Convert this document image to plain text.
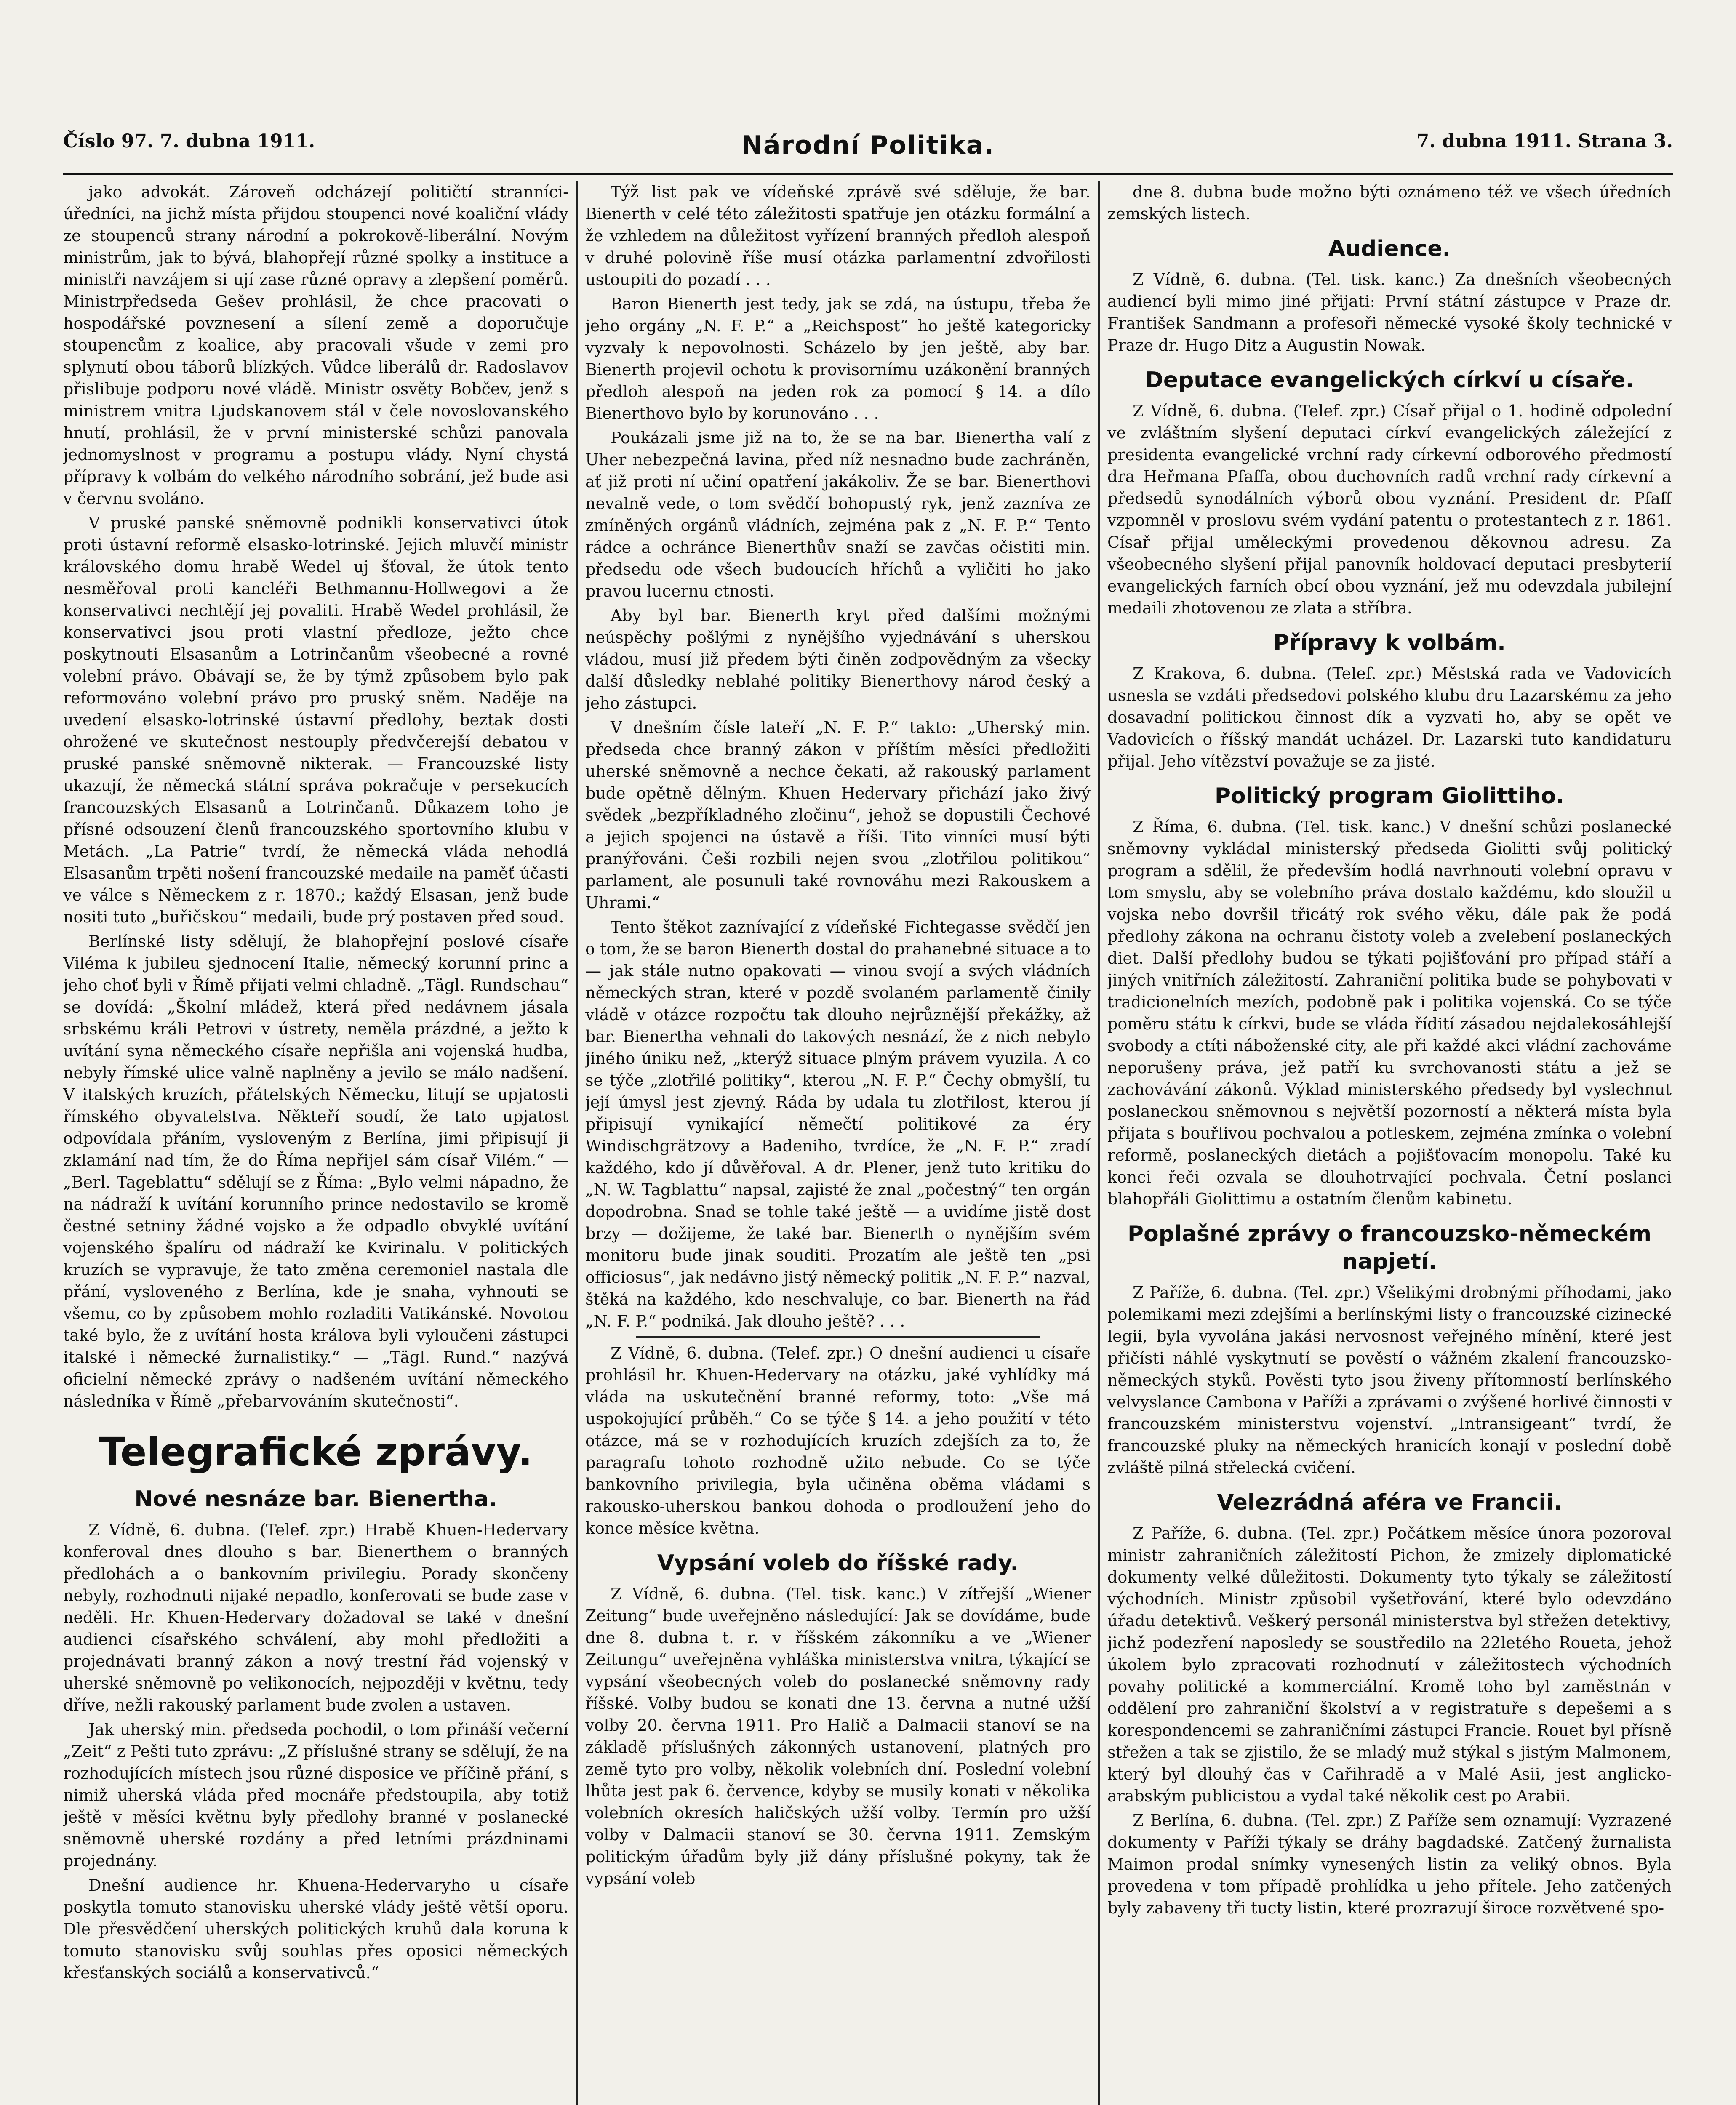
Číslo 97. 7. dubna 1911.	Národní Politika.	7. dubna 1911. Strana 3.

jako advokát. Zároveň odcházejí političtí stranníci-úředníci, na jichž místa přijdou stoupenci nové koaliční vlády ze stoupenců strany národní a pokrokově-liberální. Novým ministrům, jak to bývá, blahopřejí různé spolky a instituce a ministři navzájem si ují zase různé opravy a zlepšení poměrů. Ministrpředseda Gešev prohlásil, že chce pracovati o hospodářské povznesení a sílení země a doporučuje stoupencům z koalice, aby pracovali všude v zemi pro splynutí obou táborů blízkých. Vůdce liberálů dr. Radoslavov přislibuje podporu nové vládě. Ministr osvěty Bobčev, jenž s ministrem vnitra Ljudskanovem stál v čele novoslovanského hnutí, prohlásil, že v první ministerské schůzi panovala jednomyslnost v programu a postupu vlády. Nyní chystá přípravy k volbám do velkého národního sobrání, jež bude asi v červnu svoláno.

V pruské panské sněmovně podnikli konservativci útok proti ústavní reformě elsasko-lotrinské. Jejich mluvčí ministr královského domu hrabě Wedel uj šťoval, že útok tento nesměřoval proti kancléři Bethmannu-Hollwegovi a že konservativci nechtějí jej povaliti. Hrabě Wedel prohlásil, že konservativci jsou proti vlastní předloze, ježto chce poskytnouti Elsasanům a Lotrinčanům všeobecné a rovné volební právo. Obávají se, že by týmž způsobem bylo pak reformováno volební právo pro pruský sněm. Naděje na uvedení elsasko-lotrinské ústavní předlohy, beztak dosti ohrožené ve skutečnost nestouply předvčerejší debatou v pruské panské sněmovně nikterak. — Francouzské listy ukazují, že německá státní správa pokračuje v persekucích francouzských Elsasanů a Lotrinčanů. Důkazem toho je přísné odsouzení členů francouzského sportovního klubu v Metách. „La Patrie“ tvrdí, že německá vláda nehodlá Elsasanům trpěti nošení francouzské medaile na paměť účasti ve válce s Německem z r. 1870.; každý Elsasan, jenž bude nositi tuto „buřičskou“ medaili, bude prý postaven před soud.

Berlínské listy sdělují, že blahopřejní poslové císaře Viléma k jubileu sjednocení Italie, německý korunní princ a jeho choť byli v Římě přijati velmi chladně. „Tägl. Rundschau“ se dovídá: „Školní mládež, která před nedávnem jásala srbskému králi Petrovi v ústrety, neměla prázdné, a ježto k uvítání syna německého císaře nepřišla ani vojenská hudba, nebyly římské ulice valně naplněny a jevilo se málo nadšení. V italských kruzích, přátelských Německu, litují se upjatosti římského obyvatelstva. Někteří soudí, že tato upjatost odpovídala přáním, vysloveným z Berlína, jimi připisují ji zklamání nad tím, že do Říma nepřijel sám císař Vilém.“ — „Berl. Tageblattu“ sdělují se z Říma: „Bylo velmi nápadno, že na nádraží k uvítání korunního prince nedostavilo se kromě čestné setniny žádné vojsko a že odpadlo obvyklé uvítání vojenského špalíru od nádraží ke Kvirinalu. V politických kruzích se vypravuje, že tato změna ceremoniel nastala dle přání, vysloveného z Berlína, kde je snaha, vyhnouti se všemu, co by způsobem mohlo rozladiti Vatikánské. Novotou také bylo, že z uvítání hosta králova byli vyloučeni zástupci italské i německé žurnalistiky.“ — „Tägl. Rund.“ nazývá oficielní německé zprávy o nadšeném uvítání německého následníka v Římě „přebarvováním skutečnosti“.

Telegrafické zprávy.
Nové nesnáze bar. Bienertha.

Z Vídně, 6. dubna. (Telef. zpr.) Hrabě Khuen-Hedervary konferoval dnes dlouho s bar. Bienerthem o branných předlohách a o bankovním privilegiu. Porady skončeny nebyly, rozhodnuti nijaké nepadlo, konferovati se bude zase v neděli. Hr. Khuen-Hedervary dožadoval se také v dnešní audienci císařského schválení, aby mohl předložiti a projednávati branný zákon a nový trestní řád vojenský v uherské sněmovně po velikonocích, nejpozději v květnu, tedy dříve, nežli rakouský parlament bude zvolen a ustaven.

Jak uherský min. předseda pochodil, o tom přináší večerní „Zeit“ z Pešti tuto zprávu: „Z příslušné strany se sdělují, že na rozhodujících místech jsou různé disposice ve příčině přání, s nimiž uherská vláda před mocnáře předstoupila, aby totiž ještě v měsíci květnu byly předlohy branné v poslanecké sněmovně uherské rozdány a před letními prázdninami projednány.

Dnešní audience hr. Khuena-Hedervaryho u císaře poskytla tomuto stanovisku uherské vlády ještě větší oporu. Dle přesvědčení uherských politických kruhů dala koruna k tomuto stanovisku svůj souhlas přes oposici německých křesťanských sociálů a konservativců.“

Týž list pak ve vídeňské zprávě své sděluje, že bar. Bienerth v celé této záležitosti spatřuje jen otázku formální a že vzhledem na důležitost vyřízení branných předloh alespoň v druhé polovině říše musí otázka parlamentní zdvořilosti ustoupiti do pozadí . . .

Baron Bienerth jest tedy, jak se zdá, na ústupu, třeba že jeho orgány „N. F. P.“ a „Reichspost“ ho ještě kategoricky vyzvaly k nepovolnosti. Scházelo by jen ještě, aby bar. Bienerth projevil ochotu k provisornímu uzákonění branných předloh alespoň na jeden rok za pomocí § 14. a dílo Bienerthovo bylo by korunováno . . .

Poukázali jsme již na to, že se na bar. Bienertha valí z Uher nebezpečná lavina, před níž nesnadno bude zachráněn, ať již proti ní učiní opatření jakákoliv. Že se bar. Bienerthovi nevalně vede, o tom svědčí bohopustý ryk, jenž zazníva ze zmíněných orgánů vládních, zejména pak z „N. F. P.“ Tento rádce a ochránce Bienerthův snaží se zavčas očistiti min. předsedu ode všech budoucích hříchů a vyličiti ho jako pravou lucernu ctnosti.

Aby byl bar. Bienerth kryt před dalšími možnými neúspěchy pošlými z nynějšího vyjednávání s uherskou vládou, musí již předem býti činěn zodpovědným za všecky další důsledky neblahé politiky Bienerthovy národ český a jeho zástupci.

V dnešním čísle lateří „N. F. P.“ takto: „Uherský min. předseda chce branný zákon v příštím měsíci předložiti uherské sněmovně a nechce čekati, až rakouský parlament bude opětně dělným. Khuen Hedervary přichází jako živý svědek „bezpříkladného zločinu“, jehož se dopustili Čechové a jejich spojenci na ústavě a říši. Tito vinníci musí býti pranýřováni. Češi rozbili nejen svou „zlotřilou politikou“ parlament, ale posunuli také rovnováhu mezi Rakouskem a Uhrami.“

Tento štěkot zaznívající z vídeňské Fichtegasse svědčí jen o tom, že se baron Bienerth dostal do prahanebné situace a to — jak stále nutno opakovati — vinou svojí a svých vládních německých stran, které v pozdě svolaném parlamentě činily vládě v otázce rozpočtu tak dlouho nejrůznější překážky, až bar. Bienertha vehnali do takových nesnází, že z nich nebylo jiného úniku než, „kterýž situace plným právem vyuzila. A co se týče „zlotřilé politiky“, kterou „N. F. P.“ Čechy obmyšlí, tu její úmysl jest zjevný. Ráda by udala tu zlotřilost, kterou jí připisují vynikající němečtí politikové za éry Windischgrätzovy a Badeniho, tvrdíce, že „N. F. P.“ zradí každého, kdo jí důvěřoval. A dr. Plener, jenž tuto kritiku do „N. W. Tagblattu“ napsal, zajisté že znal „počestný“ ten orgán dopodrobna. Snad se tohle také ještě — a uvidíme jistě dost brzy — dožijeme, že také bar. Bienerth o nynějším svém monitoru bude jinak souditi. Prozatím ale ještě ten „psi officiosus“, jak nedávno jistý německý politik „N. F. P.“ nazval, štěká na každého, kdo neschvaluje, co bar. Bienerth na řád „N. F. P.“ podniká. Jak dlouho ještě? . . .

Z Vídně, 6. dubna. (Telef. zpr.) O dnešní audienci u císaře prohlásil hr. Khuen-Hedervary na otázku, jaké vyhlídky má vláda na uskutečnění branné reformy, toto: „Vše má uspokojující průběh.“ Co se týče § 14. a jeho použití v této otázce, má se v rozhodujících kruzích zdejších za to, že paragrafu tohoto rozhodně užito nebude. Co se týče bankovního privilegia, byla učiněna oběma vládami s rakousko-uherskou bankou dohoda o prodloužení jeho do konce měsíce května.

Vypsání voleb do říšské rady.

Z Vídně, 6. dubna. (Tel. tisk. kanc.) V zítřejší „Wiener Zeitung“ bude uveřejněno následující: Jak se dovídáme, bude dne 8. dubna t. r. v říšském zákonníku a ve „Wiener Zeitungu“ uveřejněna vyhláška ministerstva vnitra, týkající se vypsání všeobecných voleb do poslanecké sněmovny rady říšské. Volby budou se konati dne 13. června a nutné užší volby 20. června 1911. Pro Halič a Dalmacii stanoví se na základě příslušných zákonných ustanovení, platných pro země tyto pro volby, několik volebních dní. Poslední volební lhůta jest pak 6. července, kdyby se musily konati v několika volebních okresích haličských užší volby. Termín pro užší volby v Dalmacii stanoví se 30. června 1911. Zemským politickým úřadům byly již dány příslušné pokyny, tak že vypsání voleb

dne 8. dubna bude možno býti oznámeno též ve všech úředních zemských listech.

Audience.

Z Vídně, 6. dubna. (Tel. tisk. kanc.) Za dnešních všeobecných audiencí byli mimo jiné přijati: První státní zástupce v Praze dr. František Sandmann a profesoři německé vysoké školy technické v Praze dr. Hugo Ditz a Augustin Nowak.

Deputace evangelických církví u císaře.

Z Vídně, 6. dubna. (Telef. zpr.) Císař přijal o 1. hodině odpolední ve zvláštním slyšení deputaci církví evangelických záležející z presidenta evangelické vrchní rady církevní odborového předmostí dra Heřmana Pfaffa, obou duchovních radů vrchní rady církevní a předsedů synodálních výborů obou vyznání. President dr. Pfaff vzpomněl v proslovu svém vydání patentu o protestantech z r. 1861. Císař přijal uměleckými provedenou děkovnou adresu. Za všeobecného slyšení přijal panovník holdovací deputaci presbyterií evangelických farních obcí obou vyznání, jež mu odevzdala jubilejní medaili zhotovenou ze zlata a stříbra.

Přípravy k volbám.

Z Krakova, 6. dubna. (Telef. zpr.) Městská rada ve Vadovicích usnesla se vzdáti předsedovi polského klubu dru Lazarskému za jeho dosavadní politickou činnost dík a vyzvati ho, aby se opět ve Vadovicích o říšský mandát ucházel. Dr. Lazarski tuto kandidaturu přijal. Jeho vítězství považuje se za jisté.

Politický program Giolittiho.

Z Říma, 6. dubna. (Tel. tisk. kanc.) V dnešní schůzi poslanecké sněmovny vykládal ministerský předseda Giolitti svůj politický program a sdělil, že především hodlá navrhnouti volební opravu v tom smyslu, aby se volebního práva dostalo každému, kdo sloužil u vojska nebo dovršil třicátý rok svého věku, dále pak že podá předlohy zákona na ochranu čistoty voleb a zvelebení poslaneckých diet. Další předlohy budou se týkati pojišťování pro případ stáří a jiných vnitřních záležitostí. Zahraniční politika bude se pohybovati v tradicionelních mezích, podobně pak i politika vojenská. Co se týče poměru státu k církvi, bude se vláda řídití zásadou nejdalekosáhlejší svobody a ctíti náboženské city, ale při každé akci vládní zachováme neporušeny práva, jež patří ku svrchovanosti státu a jež se zachovávání zákonů. Výklad ministerského předsedy byl vyslechnut poslaneckou sněmovnou s největší pozorností a některá místa byla přijata s bouřlivou pochvalou a potleskem, zejména zmínka o volební reformě, poslaneckých dietách a pojišťovacím monopolu. Také ku konci řeči ozvala se dlouhotrvající pochvala. Četní poslanci blahopřáli Giolittimu a ostatním členům kabinetu.

Poplašné zprávy o francouzsko-německém napjetí.

Z Paříže, 6. dubna. (Tel. zpr.) Všelikými drobnými příhodami, jako polemikami mezi zdejšími a berlínskými listy o francouzské cizinecké legii, byla vyvolána jakási nervosnost veřejného mínění, které jest přičísti náhlé vyskytnutí se pověstí o vážném zkalení francouzsko-německých styků. Pověsti tyto jsou živeny přítomností berlínského velvyslance Cambona v Paříži a zprávami o zvýšené horlivé činnosti v francouzském ministerstvu vojenství. „Intransigeant“ tvrdí, že francouzské pluky na německých hranicích konají v poslední době zvláště pilná střelecká cvičení.

Velezrádná aféra ve Francii.

Z Paříže, 6. dubna. (Tel. zpr.) Počátkem měsíce února pozoroval ministr zahraničních záležitostí Pichon, že zmizely diplomatické dokumenty velké důležitosti. Dokumenty tyto týkaly se záležitostí východních. Ministr způsobil vyšetřování, které bylo odevzdáno úřadu detektivů. Veškerý personál ministerstva byl střežen detektivy, jichž podezření naposledy se soustředilo na 22letého Roueta, jehož úkolem bylo zpracovati rozhodnutí v záležitostech východních povahy politické a kommerciální. Kromě toho byl zaměstnán v oddělení pro zahraniční školství a v registratuře s depešemi a s korespondencemi se zahraničními zástupci Francie. Rouet byl přísně střežen a tak se zjistilo, že se mladý muž stýkal s jistým Malmonem, který byl dlouhý čas v Cařihradě a v Malé Asii, jest anglicko-arabským publicistou a vydal také několik cest po Arabii.

Z Berlína, 6. dubna. (Tel. zpr.) Z Paříže sem oznamují: Vyzrazené dokumenty v Paříži týkaly se dráhy bagdadské. Zatčený žurnalista Maimon prodal snímky vynesených listin za veliký obnos. Byla provedena v tom případě prohlídka u jeho přítele. Jeho zatčených byly zabaveny tři tucty listin, které prozrazují široce rozvětvené spo-
